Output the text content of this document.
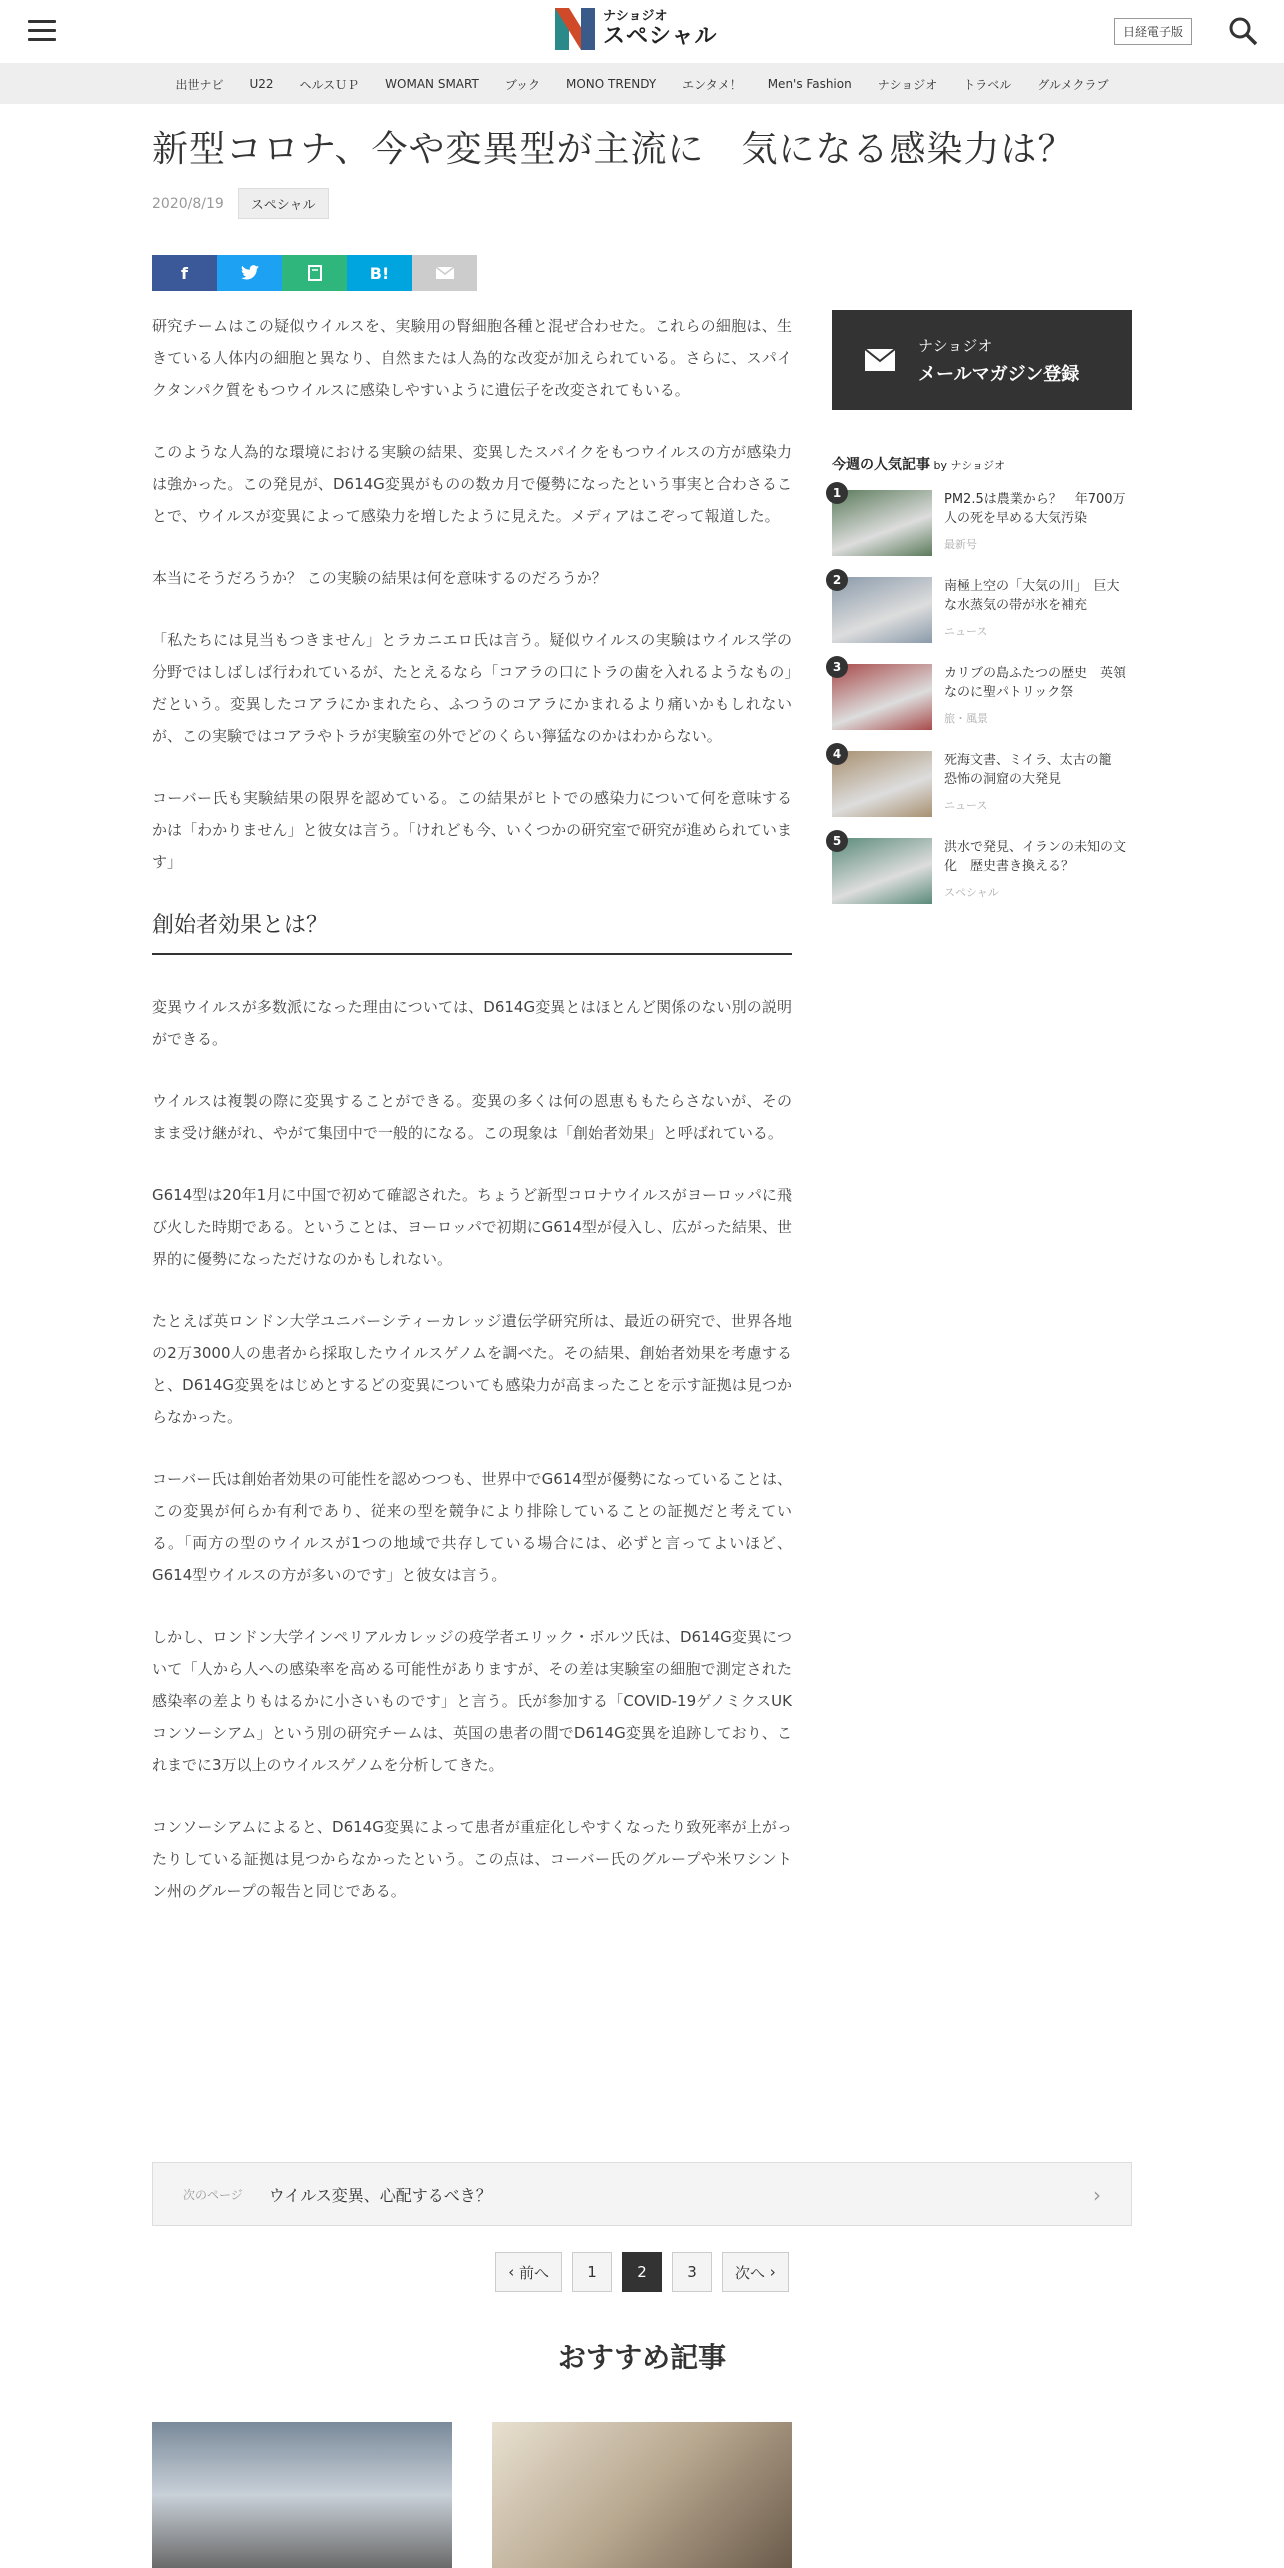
ナショジオ
スペシャル	日経電子版
出世ナビ	U22	ヘルスＵＰ	WOMAN SMART	ブック	MONO TRENDY	エンタメ！	Men's Fashion	ナショジオ	トラベル	グルメクラブ
新型コロナ、今や変異型が主流に　気になる感染力は？
2020/8/19	スペシャル
f	B!

研究チームはこの疑似ウイルスを、実験用の腎細胞各種と混ぜ合わせた。これらの細胞は、生きている人体内の細胞と異なり、自然または人為的な改変が加えられている。さらに、スパイクタンパク質をもつウイルスに感染しやすいように遺伝子を改変されてもいる。

このような人為的な環境における実験の結果、変異したスパイクをもつウイルスの方が感染力は強かった。この発見が、D614G変異がものの数カ月で優勢になったという事実と合わさることで、ウイルスが変異によって感染力を増したように見えた。メディアはこぞって報道した。

本当にそうだろうか？ この実験の結果は何を意味するのだろうか？

「私たちには見当もつきません」とラカニエロ氏は言う。疑似ウイルスの実験はウイルス学の分野ではしばしば行われているが、たとえるなら「コアラの口にトラの歯を入れるようなもの」だという。変異したコアラにかまれたら、ふつうのコアラにかまれるより痛いかもしれないが、この実験ではコアラやトラが実験室の外でどのくらい獰猛なのかはわからない。

コーバー氏も実験結果の限界を認めている。この結果がヒトでの感染力について何を意味するかは「わかりません」と彼女は言う。「けれども今、いくつかの研究室で研究が進められています」

創始者効果とは？

変異ウイルスが多数派になった理由については、D614G変異とはほとんど関係のない別の説明ができる。

ウイルスは複製の際に変異することができる。変異の多くは何の恩恵ももたらさないが、そのまま受け継がれ、やがて集団中で一般的になる。この現象は「創始者効果」と呼ばれている。

G614型は20年1月に中国で初めて確認された。ちょうど新型コロナウイルスがヨーロッパに飛び火した時期である。ということは、ヨーロッパで初期にG614型が侵入し、広がった結果、世界的に優勢になっただけなのかもしれない。

たとえば英ロンドン大学ユニバーシティーカレッジ遺伝学研究所は、最近の研究で、世界各地の2万3000人の患者から採取したウイルスゲノムを調べた。その結果、創始者効果を考慮すると、D614G変異をはじめとするどの変異についても感染力が高まったことを示す証拠は見つからなかった。

コーバー氏は創始者効果の可能性を認めつつも、世界中でG614型が優勢になっていることは、この変異が何らか有利であり、従来の型を競争により排除していることの証拠だと考えている。「両方の型のウイルスが1つの地域で共存している場合には、必ずと言ってよいほど、G614型ウイルスの方が多いのです」と彼女は言う。

しかし、ロンドン大学インペリアルカレッジの疫学者エリック・ボルツ氏は、D614G変異について「人から人への感染率を高める可能性がありますが、その差は実験室の細胞で測定された感染率の差よりもはるかに小さいものです」と言う。氏が参加する「COVID-19ゲノミクスUKコンソーシアム」という別の研究チームは、英国の患者の間でD614G変異を追跡しており、これまでに3万以上のウイルスゲノムを分析してきた。

コンソーシアムによると、D614G変異によって患者が重症化しやすくなったり致死率が上がったりしている証拠は見つからなかったという。この点は、コーバー氏のグループや米ワシントン州のグループの報告と同じである。

ナショジオ
メールマガジン登録
今週の人気記事 by ナショジオ
1	PM2.5は農業から？　年700万人の死を早める大気汚染
最新号
2	南極上空の「大気の川」　巨大な水蒸気の帯が氷を補充
ニュース
3	カリブの島ふたつの歴史　英領なのに聖パトリック祭
旅・風景
4	死海文書、ミイラ、太古の籠　恐怖の洞窟の大発見
ニュース
5	洪水で発見、イランの未知の文化　歴史書き換える？
スペシャル
次のページ ウイルス変異、心配するべき？	›
‹ 前へ	1	2	3	次へ ›
おすすめ記事
